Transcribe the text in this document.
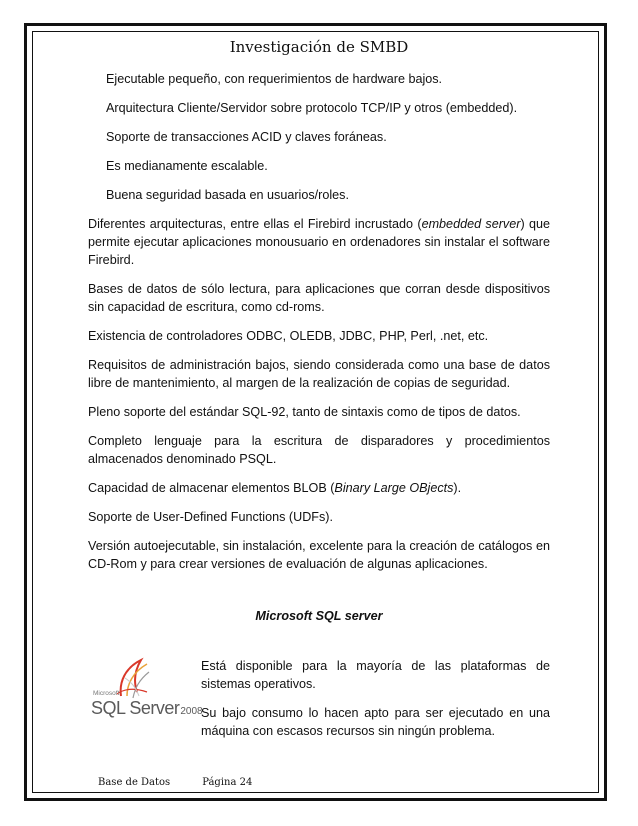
Investigación de SMBD
Ejecutable pequeño, con requerimientos de hardware bajos.
Arquitectura Cliente/Servidor sobre protocolo TCP/IP y otros (embedded).
Soporte de transacciones ACID y claves foráneas.
Es medianamente escalable.
Buena seguridad basada en usuarios/roles.
Diferentes arquitecturas, entre ellas el Firebird incrustado (embedded server) que permite ejecutar aplicaciones monousuario en ordenadores sin instalar el software Firebird.
Bases de datos de sólo lectura, para aplicaciones que corran desde dispositivos sin capacidad de escritura, como cd-roms.
Existencia de controladores ODBC, OLEDB, JDBC, PHP, Perl, .net, etc.
Requisitos de administración bajos, siendo considerada como una base de datos libre de mantenimiento, al margen de la realización de copias de seguridad.
Pleno soporte del estándar SQL-92, tanto de sintaxis como de tipos de datos.
Completo lenguaje para la escritura de disparadores y procedimientos almacenados denominado PSQL.
Capacidad de almacenar elementos BLOB (Binary Large OBjects).
Soporte de User-Defined Functions (UDFs).
Versión autoejecutable, sin instalación, excelente para la creación de catálogos en CD-Rom y para crear versiones de evaluación de algunas aplicaciones.
Microsoft SQL server
Microsoft
SQL Server2008
Está disponible para la mayoría de las plataformas de sistemas operativos.
Su bajo consumo lo hacen apto para ser ejecutado en una máquina con escasos recursos sin ningún problema.
Base de Datos	Página 24
